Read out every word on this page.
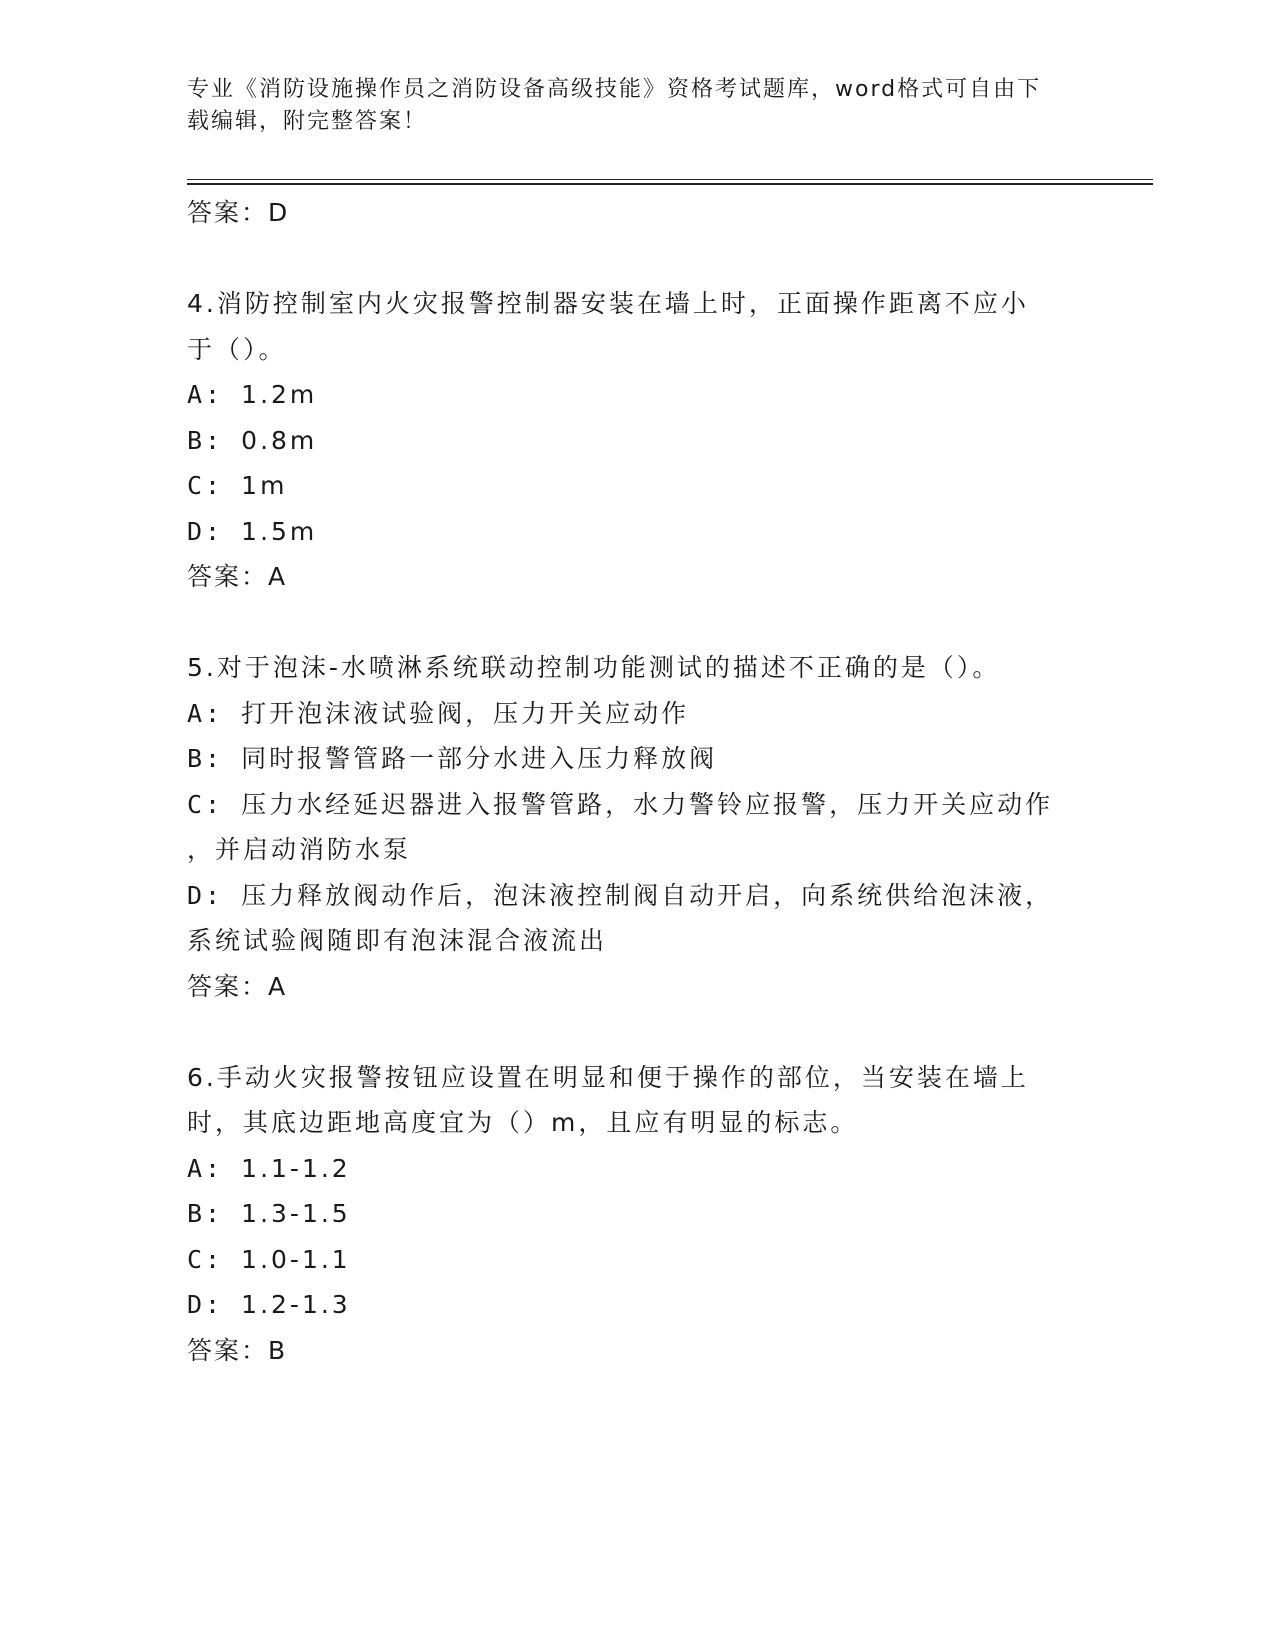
专业《消防设施操作员之消防设备高级技能》资格考试题库，word格式可自由下
载编辑，附完整答案！
答案：D
4.消防控制室内火灾报警控制器安装在墙上时，正面操作距离不应小
于（）。
A: 1.2m
B: 0.8m
C: 1m
D: 1.5m
答案：A
5.对于泡沫-水喷淋系统联动控制功能测试的描述不正确的是（）。
A: 打开泡沫液试验阀，压力开关应动作
B: 同时报警管路一部分水进入压力释放阀
C: 压力水经延迟器进入报警管路，水力警铃应报警，压力开关应动作
，并启动消防水泵
D: 压力释放阀动作后，泡沫液控制阀自动开启，向系统供给泡沫液，
系统试验阀随即有泡沫混合液流出
答案：A
6.手动火灾报警按钮应设置在明显和便于操作的部位，当安装在墙上
时，其底边距地高度宜为（）m，且应有明显的标志。
A: 1.1-1.2
B: 1.3-1.5
C: 1.0-1.1
D: 1.2-1.3
答案：B
